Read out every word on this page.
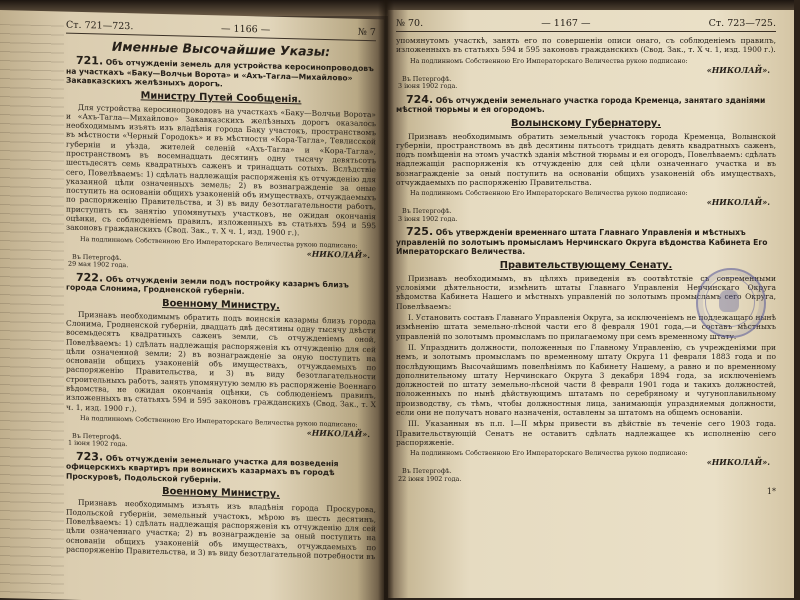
Ст. 721—723.	— 1166 —	№ 7
Именные Высочайшие Указы:
721. Объ отчужденіи земель для устройства керосинопроводовъ на участкахъ «Баку—Волчьи Ворота» и «Ахъ-Тагла—Михайлово» Закавказскихъ желѣзныхъ дорогъ.
Министру Путей Сообщенія.
Для устройства керосинопроводовъ на участкахъ «Баку—Волчьи Ворота» и «Ахъ-Тагла—Михайлово» Закавказскихъ желѣзныхъ дорогъ оказалось необходимымъ изъять изъ владѣнія города Баку участокъ, пространствомъ въ мѣстности «Черный Городокъ» и въ мѣстности «Кора-Тагла», Тевлисской губерніи и уѣзда, жителей селеній «Ахъ-Тагла» и «Кора-Тагла», пространствомъ въ восемнадцать десятинъ одну тысячу девятьсотъ шестьдесятъ семь квадратныхъ саженъ и тринадцать сотыхъ. Вслѣдствіе сего, Повелѣваемъ: 1) сдѣлать надлежащія распоряженія къ отчужденію для указанной цѣли означенныхъ земель; 2) въ вознагражденіе за оные поступить на основаніи общихъ узаконеній объ имуществахъ, отчуждаемыхъ по распоряженію Правительства, и 3) въ виду безотлагательности работъ, приступить къ занятію упомянутыхъ участковъ, не ожидая окончанія оцѣнки, съ соблюденіемъ правилъ, изложенныхъ въ статьяхъ 594 и 595 законовъ гражданскихъ (Свод. Зак., т. X ч. 1, изд. 1900 г.).
На подлинномъ Собственною Его Императорскаго Величества рукою подписано:
«НИКОЛАЙ».
Въ Петергофѣ.
29 мая 1902 года.
722. Объ отчужденіи земли подъ постройку казармъ близъ города Слонима, Гродненской губерніи.
Военному Министру.
Признавъ необходимымъ обратить подъ воинскія казармы близъ города Слонима, Гродненской губерніи, двадцать двѣ десятины одну тысячу двѣсти восемьдесятъ квадратныхъ саженъ земли, съ отчужденіемъ оной, Повелѣваемъ: 1) сдѣлать надлежащія распоряженія къ отчужденію для сей цѣли означенной земли; 2) въ вознагражденіе за оную поступить на основаніи общихъ узаконеній объ имуществахъ, отчуждаемыхъ по распоряженію Правительства, и 3) въ виду безотлагательности строительныхъ работъ, занять упомянутую землю въ распоряженіе Военнаго вѣдомства, не ожидая окончанія оцѣнки, съ соблюденіемъ правилъ, изложенныхъ въ статьяхъ 594 и 595 законовъ гражданскихъ (Свод. Зак., т. X ч. 1, изд. 1900 г.).
На подлинномъ Собственною Его Императорскаго Величества рукою подписано:
«НИКОЛАЙ».
Въ Петергофѣ.
1 іюня 1902 года.
723. Объ отчужденіи земельнаго участка для возведенія офицерскихъ квартиръ при воинскихъ казармахъ въ городѣ Проскуровѣ, Подольской губерніи.
Военному Министру.
Признавъ необходимымъ изъять изъ владѣнія города Проскурова, Подольской губерніи, земельный участокъ, мѣрою въ шесть десятинъ, Повелѣваемъ: 1) сдѣлать надлежащія распоряженія къ отчужденію для сей цѣли означеннаго участка; 2) въ вознагражденіе за оный поступить на основаніи общихъ узаконеній объ имуществахъ, отчуждаемыхъ по распоряженію Правительства, и 3) въ виду безотлагательной потребности въ
№ 70.	— 1167 —	Ст. 723—725.
упомянутомъ участкѣ, занять его по совершеніи описи онаго, съ соблюденіемъ правилъ, изложенныхъ въ статьяхъ 594 и 595 законовъ гражданскихъ (Свод. Зак., т. X ч. 1, изд. 1900 г.).
На подлинномъ Собственною Его Императорскаго Величества рукою подписано:
«НИКОЛАЙ».
Въ Петергофѣ.
3 іюня 1902 года.
724. Объ отчужденіи земельнаго участка города Кременца, занятаго зданіями мѣстной тюрьмы и ея огородомъ.
Волынскому Губернатору.
Признавъ необходимымъ обратить земельный участокъ города Кременца, Волынской губерніи, пространствомъ въ двѣ десятины пятьсотъ тридцать девять квадратныхъ саженъ, подъ помѣщенія на этомъ участкѣ зданія мѣстной тюрьмы и ея огородъ, Повелѣваемъ: сдѣлать надлежащія распоряженія къ отчужденію для сей цѣли означеннаго участка и въ вознагражденіе за оный поступить на основаніи общихъ узаконеній объ имуществахъ, отчуждаемыхъ по распоряженію Правительства.
На подлинномъ Собственною Его Императорскаго Величества рукою подписано:
«НИКОЛАЙ».
Въ Петергофѣ.
3 іюня 1902 года.
725. Объ утвержденіи временнаго штата Главнаго Управленія и мѣстныхъ управленій по золотымъ промысламъ Нерчинскаго Округа вѣдомства Кабинета Его Императорскаго Величества.
Правительствующему Сенату.
Признавъ необходимымъ, въ цѣляхъ приведенія въ соотвѣтствіе съ современными условіями дѣятельности, измѣнить штаты Главнаго Управленія Нерчинскаго Округа вѣдомства Кабинета Нашего и мѣстныхъ управленій по золотымъ промысламъ сего Округа, Повелѣваемъ:
I. Установить составъ Главнаго Управленія Округа, за исключеніемъ не подлежащаго нынѣ измѣненію штата земельно-лѣсной части его 8 февраля 1901 года,—и составъ мѣстныхъ управленій по золотымъ промысламъ по прилагаемому при семъ временному штату.
II. Упразднить должности, положенныя по Главному Управленію, съ учрежденіями при немъ, и золотымъ промысламъ по временному штату Округа 11 февраля 1883 года и по послѣдующимъ Высочайшимъ повелѣніямъ по Кабинету Нашему, а равно и по временному дополнительному штату Нерчинскаго Округа 3 декабря 1894 года, за исключеніемъ должностей по штату земельно-лѣсной части 8 февраля 1901 года и такихъ должностей, положенныхъ по нынѣ дѣйствующимъ штатамъ по серебряному и чугуноплавильному производству, съ тѣмъ, чтобы должностныя лица, занимающія упраздняемыя должности, если они не получатъ новаго назначенія, оставлены за штатомъ на общемъ основаніи.
III. Указанныя въ п.п. I—II мѣры привести въ дѣйствіе въ теченіе сего 1903 года. Правительствующій Сенатъ не оставитъ сдѣлать надлежащее къ исполненію сего распоряженіе.
На подлинномъ Собственною Его Императорскаго Величества рукою подписано:
«НИКОЛАЙ».
Въ Петергофѣ.
22 іюня 1902 года.
1*
